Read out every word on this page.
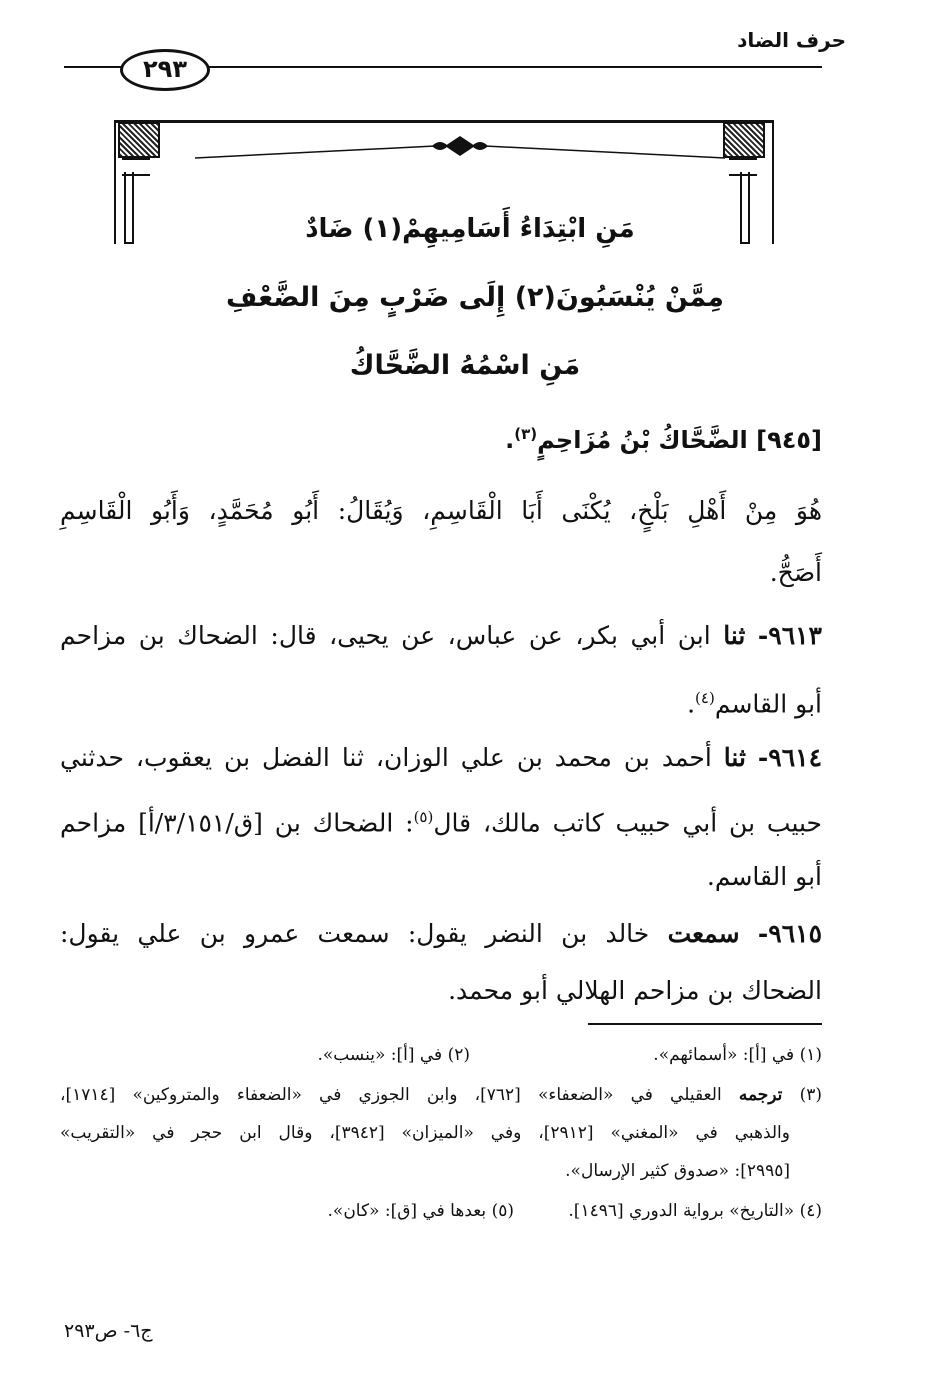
حرف الضاد
٢٩٣
مَنِ ابْتِدَاءُ أَسَامِيهِمْ(١) ضَادٌ
مِمَّنْ يُنْسَبُونَ(٢) إِلَى ضَرْبٍ مِنَ الضَّعْفِ
مَنِ اسْمُهُ الضَّحَّاكُ
[٩٤٥] الضَّحَّاكُ بْنُ مُزَاحِمٍ$^{(٣)}$.
هُوَ مِنْ أَهْلِ بَلْخٍ، يُكْنَى أَبَا الْقَاسِمِ، وَيُقَالُ: أَبُو مُحَمَّدٍ، وَأَبُو الْقَاسِمِ
أَصَحُّ.
٩٦١٣- ثنا ابن أبي بكر، عن عباس، عن يحيى، قال: الضحاك بن مزاحم
أبو القاسم$^{(٤)}$.
٩٦١٤- ثنا أحمد بن محمد بن علي الوزان، ثنا الفضل بن يعقوب، حدثني
حبيب بن أبي حبيب كاتب مالك، قال$^{(٥)}$: الضحاك بن [ق/٣/١٥١/أ] مزاحم
أبو القاسم.
٩٦١٥- سمعت خالد بن النضر يقول: سمعت عمرو بن علي يقول:
الضحاك بن مزاحم الهلالي أبو محمد.
(١) في [أ]: «أسمائهم».
(٢) في [أ]: «ينسب».
(٣) ترجمه العقيلي في «الضعفاء» [٧٦٢]، وابن الجوزي في «الضعفاء والمتروكين» [١٧١٤]،
والذهبي في «المغني» [٢٩١٢]، وفي «الميزان» [٣٩٤٢]، وقال ابن حجر في «التقريب»
[٢٩٩٥]: «صدوق كثير الإرسال».
(٤) «التاريخ» برواية الدوري [١٤٩٦].
(٥) بعدها في [ق]: «كان».
ج٦- ص٢٩٣
